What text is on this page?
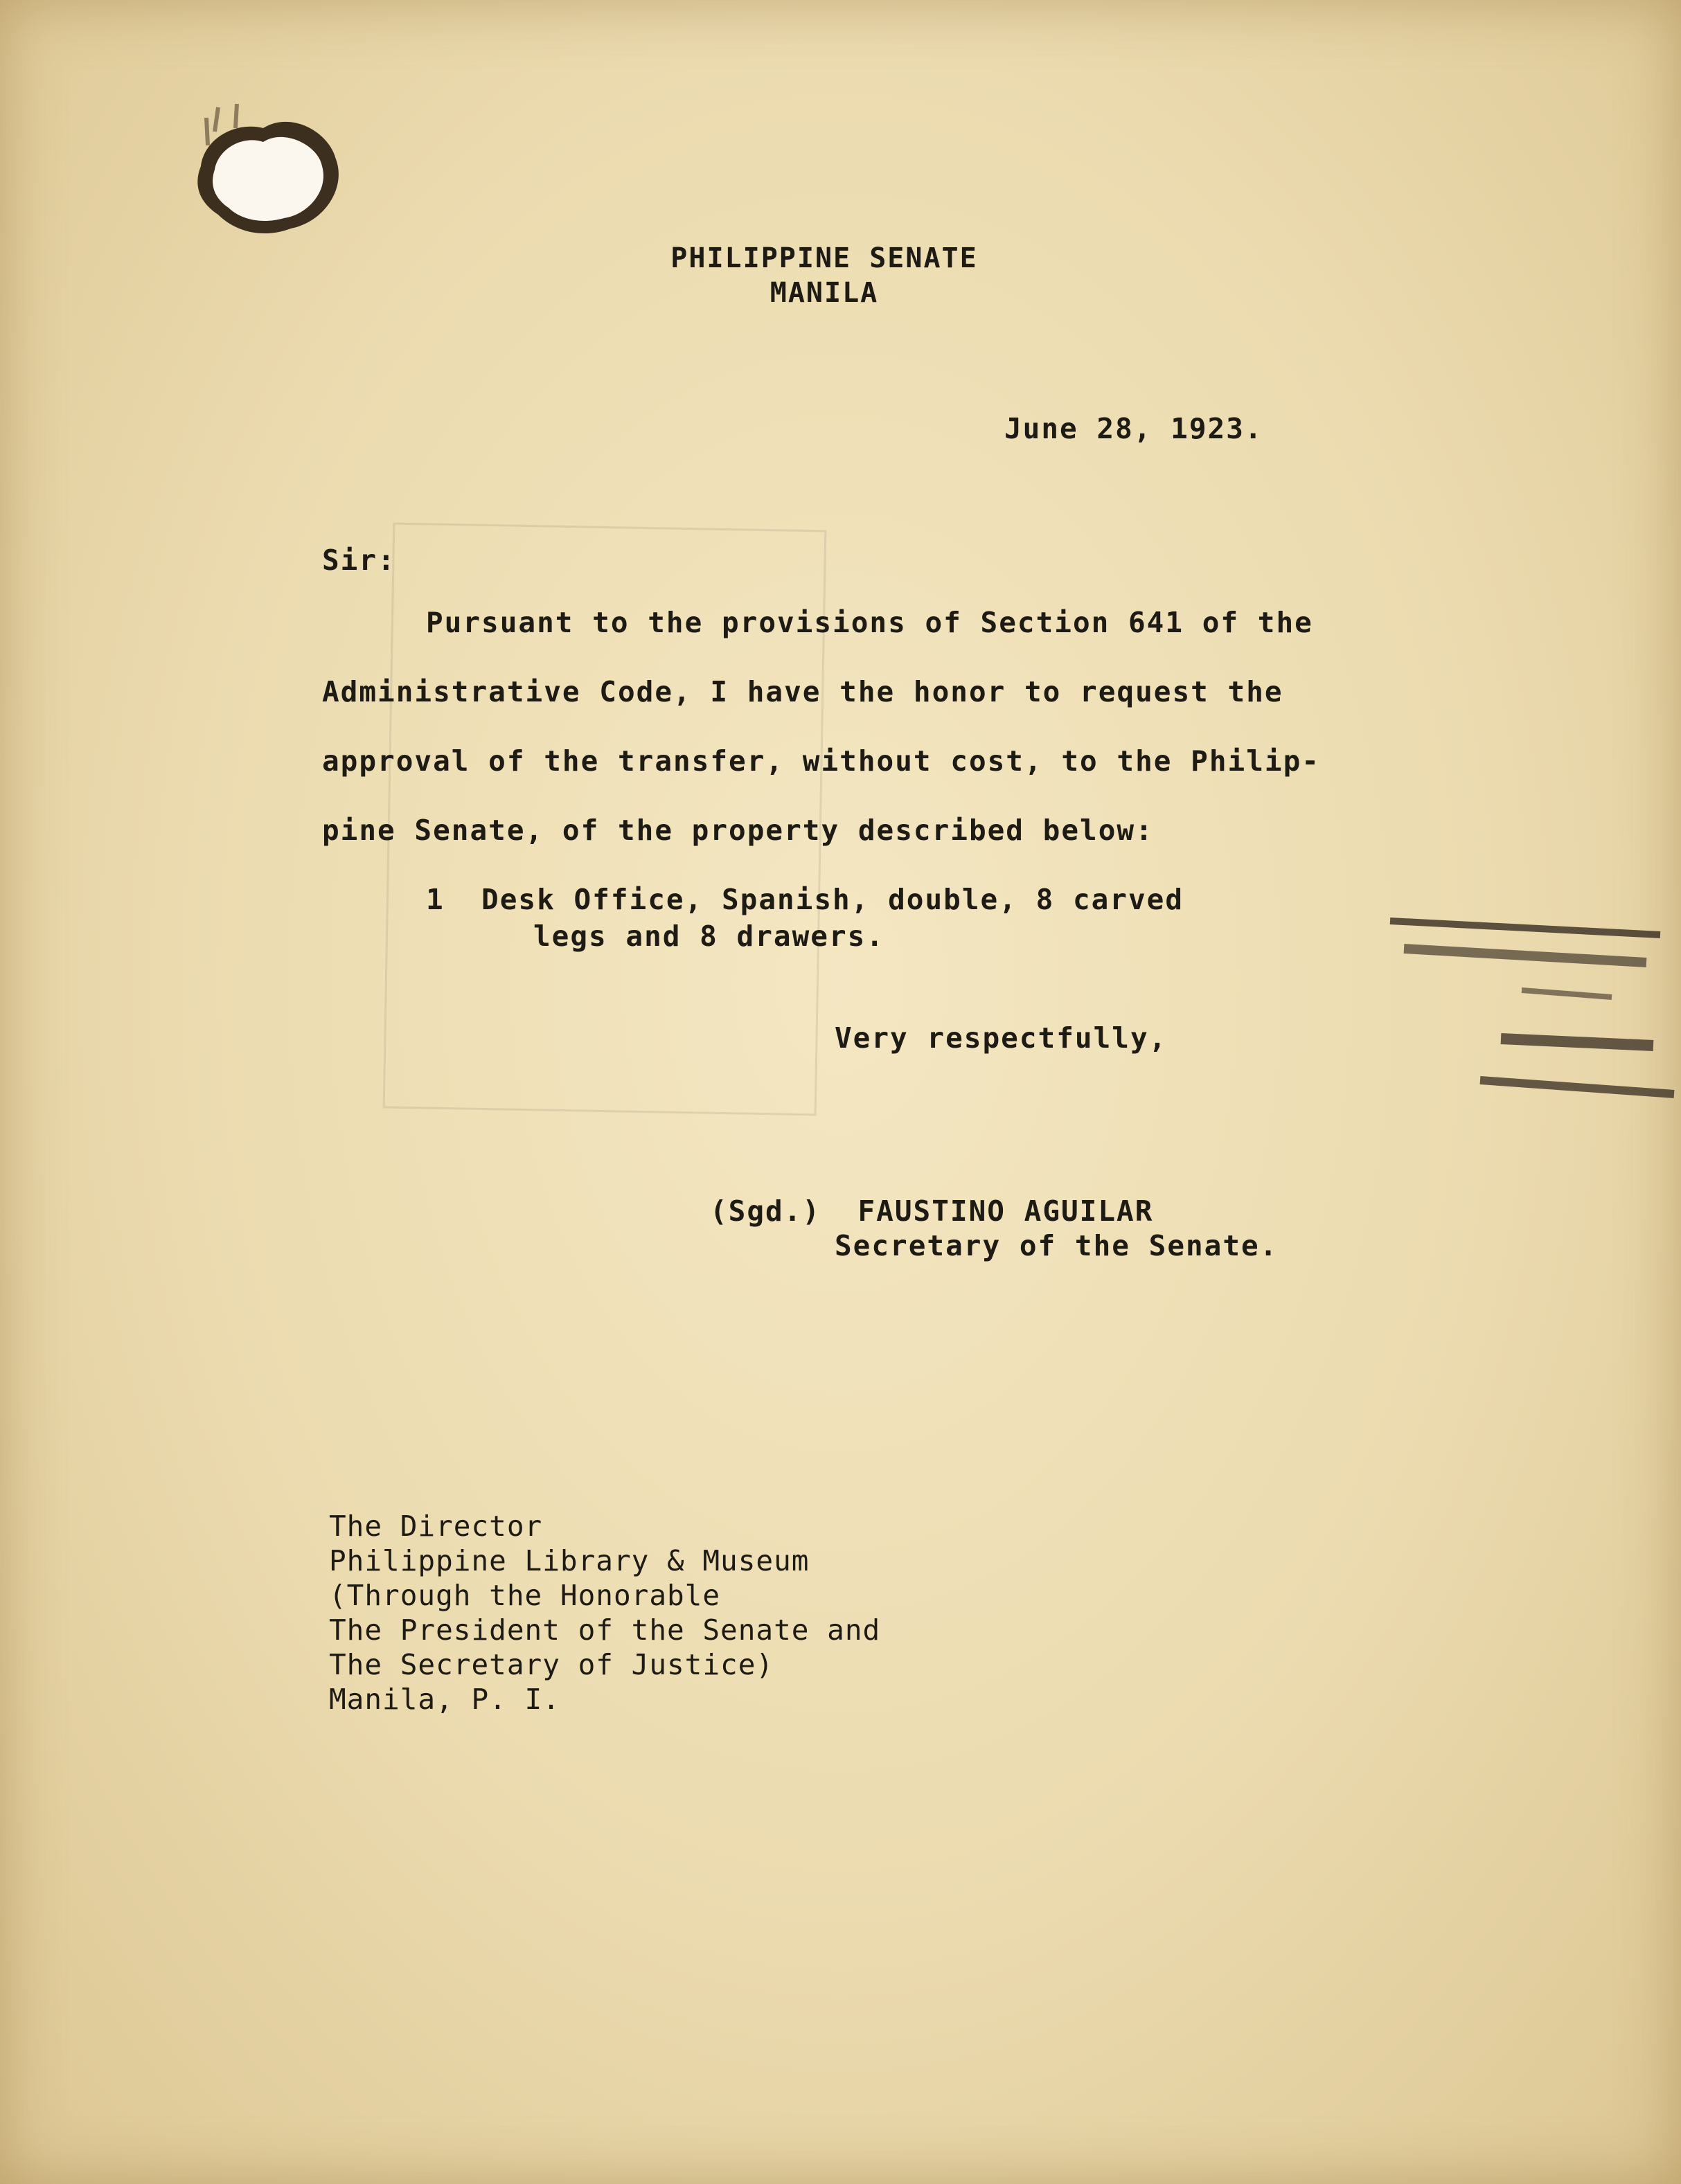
PHILIPPINE SENATE
MANILA
June 28, 1923.
Sir:
Pursuant to the provisions of Section 641 of the
Administrative Code, I have the honor to request the
approval of the transfer, without cost, to the Philip-
pine Senate, of the property described below:
1  Desk Office, Spanish, double, 8 carved
legs and 8 drawers.
Very respectfully,
(Sgd.)  FAUSTINO AGUILAR
Secretary of the Senate.
The Director
Philippine Library & Museum
(Through the Honorable
The President of the Senate and
The Secretary of Justice)
Manila, P. I.
